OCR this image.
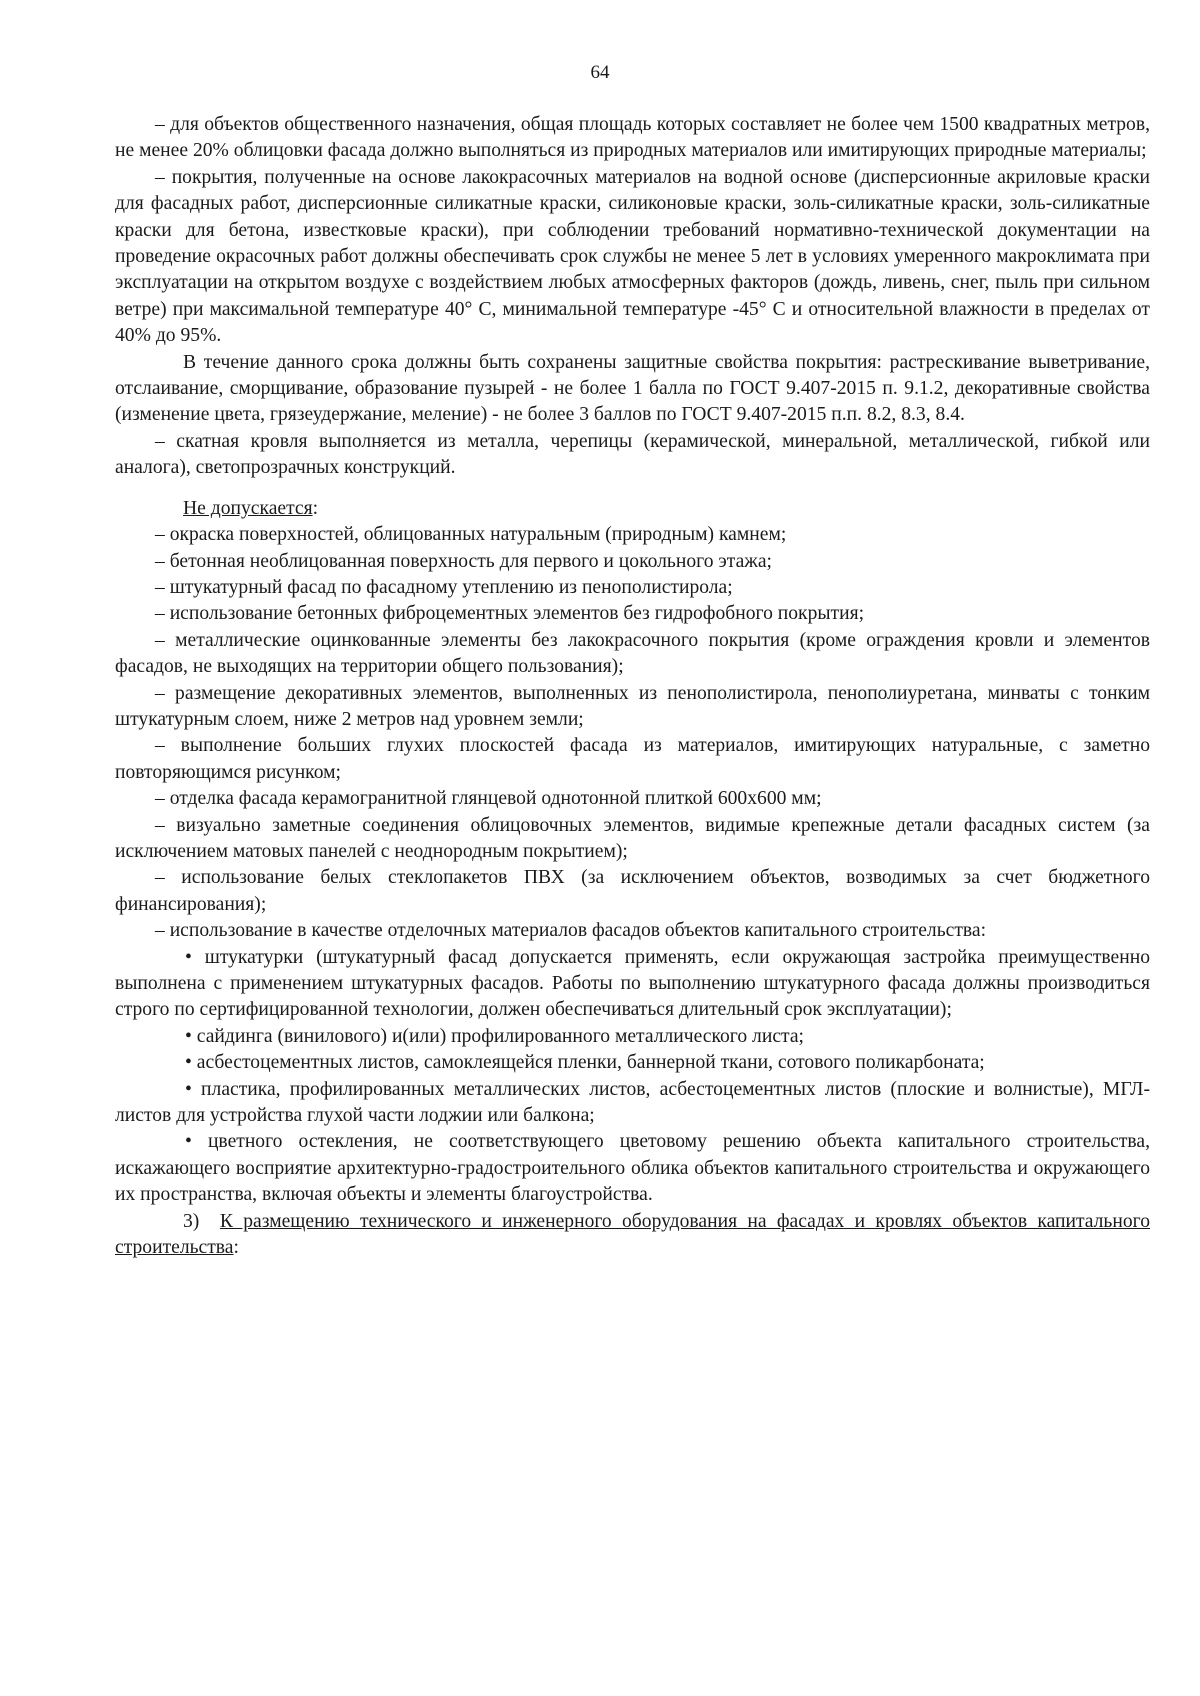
64

– для объектов общественного назначения, общая площадь которых составляет не более чем 1500 квадратных метров, не менее 20% облицовки фасада должно выполняться из природных материалов или имитирующих природные материалы;

– покрытия, полученные на основе лакокрасочных материалов на водной основе (дисперсионные акриловые краски для фасадных работ, дисперсионные силикатные краски, силиконовые краски, золь-силикатные краски, золь-силикатные краски для бетона, известковые краски), при соблюдении требований нормативно-технической документации на проведение окрасочных работ должны обеспечивать срок службы не менее 5 лет в условиях умеренного макроклимата при эксплуатации на открытом воздухе с воздействием любых атмосферных факторов (дождь, ливень, снег, пыль при сильном ветре) при максимальной температуре 40° С, минимальной температуре -45° С и относительной влажности в пределах от 40% до 95%.

В течение данного срока должны быть сохранены защитные свойства покрытия: растрескивание выветривание, отслаивание, сморщивание, образование пузырей - не более 1 балла по ГОСТ 9.407-2015 п. 9.1.2, декоративные свойства (изменение цвета, грязеудержание, меление) - не более 3 баллов по ГОСТ 9.407-2015 п.п. 8.2, 8.3, 8.4.

– скатная кровля выполняется из металла, черепицы (керамической, минеральной, металлической, гибкой или аналога), светопрозрачных конструкций.

Не допускается:

– окраска поверхностей, облицованных натуральным (природным) камнем;

– бетонная необлицованная поверхность для первого и цокольного этажа;

– штукатурный фасад по фасадному утеплению из пенополистирола;

– использование бетонных фиброцементных элементов без гидрофобного покрытия;

– металлические оцинкованные элементы без лакокрасочного покрытия (кроме ограждения кровли и элементов фасадов, не выходящих на территории общего пользования);

– размещение декоративных элементов, выполненных из пенополистирола, пенополиуретана, минваты с тонким штукатурным слоем, ниже 2 метров над уровнем земли;

– выполнение больших глухих плоскостей фасада из материалов, имитирующих натуральные, с заметно повторяющимся рисунком;

– отделка фасада керамогранитной глянцевой однотонной плиткой 600х600 мм;

– визуально заметные соединения облицовочных элементов, видимые крепежные детали фасадных систем (за исключением матовых панелей с неоднородным покрытием);

– использование белых стеклопакетов ПВХ (за исключением объектов, возводимых за счет бюджетного финансирования);

– использование в качестве отделочных материалов фасадов объектов капитального строительства:

• штукатурки (штукатурный фасад допускается применять, если окружающая застройка преимущественно выполнена с применением штукатурных фасадов. Работы по выполнению штукатурного фасада должны производиться строго по сертифицированной технологии, должен обеспечиваться длительный срок эксплуатации);

• сайдинга (винилового) и(или) профилированного металлического листа;

• асбестоцементных листов, самоклеящейся пленки, баннерной ткани, сотового поликарбоната;

• пластика, профилированных металлических листов, асбестоцементных листов (плоские и волнистые), МГЛ-листов для устройства глухой части лоджии или балкона;

• цветного остекления, не соответствующего цветовому решению объекта капитального строительства, искажающего восприятие архитектурно-градостроительного облика объектов капитального строительства и окружающего их пространства, включая объекты и элементы благоустройства.

3) К размещению технического и инженерного оборудования на фасадах и кровлях объектов капитального строительства:
